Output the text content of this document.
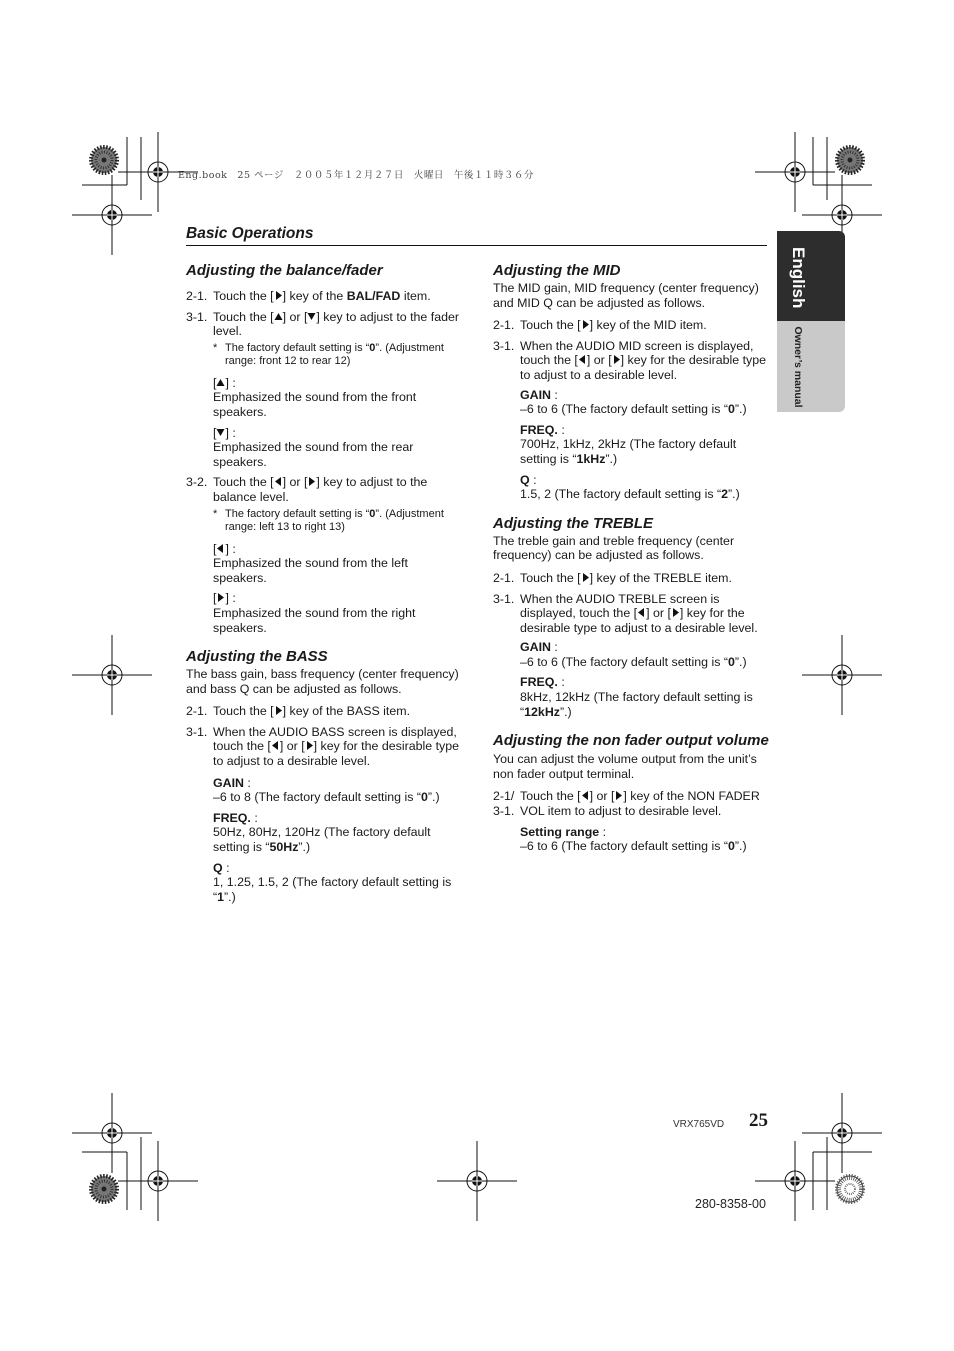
Eng.book　25 ページ　２００５年１２月２７日　火曜日　午後１１時３６分
Basic Operations
English
Owner’s manual
Adjusting the balance/fader

2-1. Touch the [ ] key of the BAL/FAD item.

3-1. Touch the [ ] or [ ] key to adjust to the fader level.

* The factory default setting is “0”. (Adjustment range: front 12 to rear 12)

[ ] :
Emphasized the sound from the front speakers.

[ ] :
Emphasized the sound from the rear speakers.

3-2. Touch the [ ] or [ ] key to adjust to the balance level.

* The factory default setting is “0”. (Adjustment range: left 13 to right 13)

[ ] :
Emphasized the sound from the left speakers.

[ ] :
Emphasized the sound from the right speakers.

Adjusting the BASS

The bass gain, bass frequency (center frequency) and bass Q can be adjusted as follows.

2-1. Touch the [ ] key of the BASS item.

3-1. When the AUDIO BASS screen is displayed, touch the [ ] or [ ] key for the desirable type to adjust to a desirable level.

GAIN :
–6 to 8 (The factory default setting is “0”.)

FREQ. :
50Hz, 80Hz, 120Hz (The factory default setting is “50Hz”.)

Q :
1, 1.25, 1.5, 2 (The factory default setting is “1”.)

Adjusting the MID

The MID gain, MID frequency (center frequency) and MID Q can be adjusted as follows.

2-1. Touch the [ ] key of the MID item.

3-1. When the AUDIO MID screen is displayed, touch the [ ] or [ ] key for the desirable type to adjust to a desirable level.

GAIN :
–6 to 6 (The factory default setting is “0”.)

FREQ. :
700Hz, 1kHz, 2kHz (The factory default setting is “1kHz”.)

Q :
1.5, 2 (The factory default setting is “2”.)

Adjusting the TREBLE

The treble gain and treble frequency (center frequency) can be adjusted as follows.

2-1. Touch the [ ] key of the TREBLE item.

3-1. When the AUDIO TREBLE screen is displayed, touch the [ ] or [ ] key for the desirable type to adjust to a desirable level.

GAIN :
–6 to 6 (The factory default setting is “0”.)

FREQ. :
8kHz, 12kHz (The factory default setting is “12kHz”.)

Adjusting the non fader output volume

You can adjust the volume output from the unit’s non fader output terminal.

2-1/
3-1.
Touch the [ ] or [ ] key of the NON FADER VOL item to adjust to desirable level.

Setting range :
–6 to 6 (The factory default setting is “0”.)

VRX765VD 25
280-8358-00
